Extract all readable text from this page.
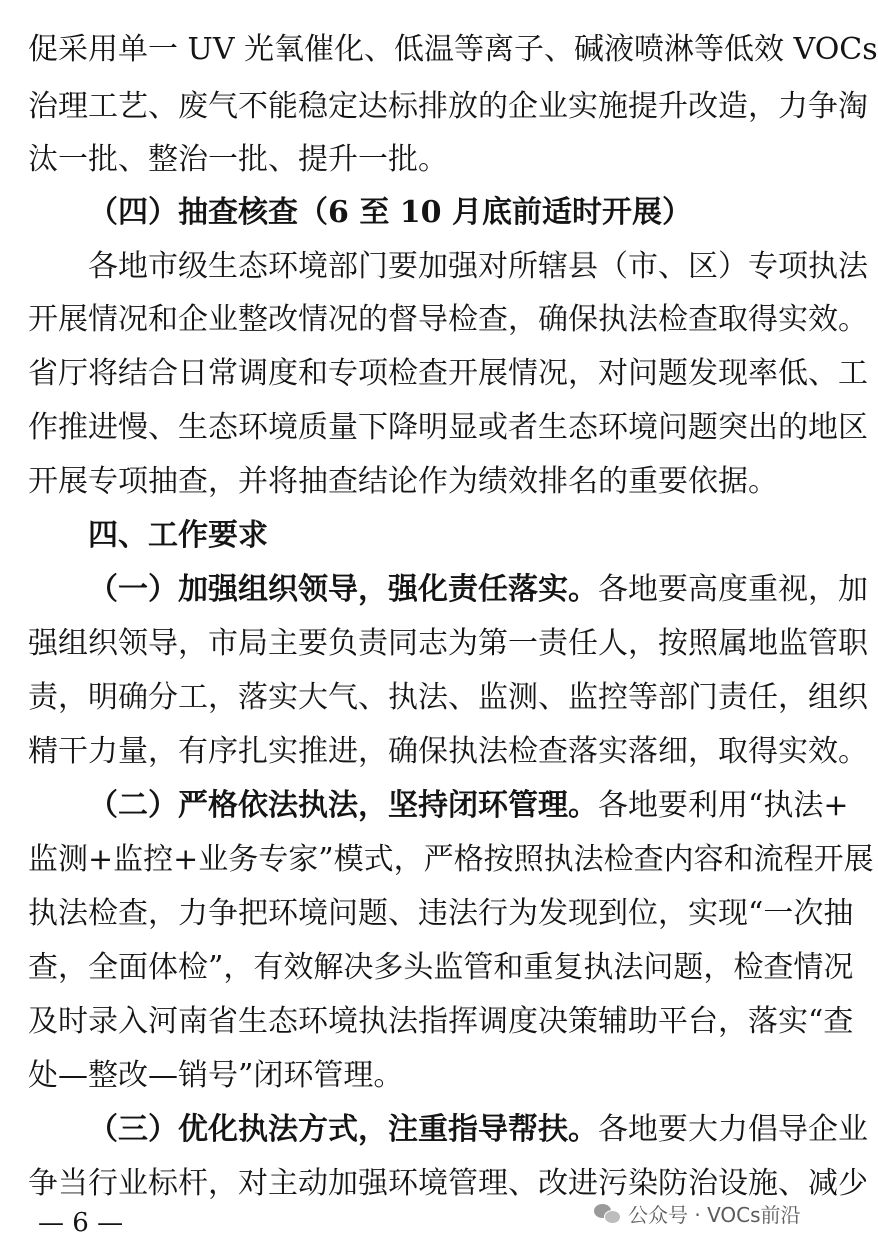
促采用单一 UV 光氧催化、低温等离子、碱液喷淋等低效 VOCs
治理工艺、废气不能稳定达标排放的企业实施提升改造，力争淘
汰一批、整治一批、提升一批。
（四）抽查核查（6 至 10 月底前适时开展）
各地市级生态环境部门要加强对所辖县（市、区）专项执法
开展情况和企业整改情况的督导检查，确保执法检查取得实效。
省厅将结合日常调度和专项检查开展情况，对问题发现率低、工
作推进慢、生态环境质量下降明显或者生态环境问题突出的地区
开展专项抽查，并将抽查结论作为绩效排名的重要依据。
四、工作要求
（一）加强组织领导，强化责任落实。 各地要高度重视，加
强组织领导，市局主要负责同志为第一责任人，按照属地监管职
责，明确分工，落实大气、执法、监测、监控等部门责任，组织
精干力量，有序扎实推进，确保执法检查落实落细，取得实效。
（二）严格依法执法，坚持闭环管理。 各地要利用“执法+
监测+监控+业务专家”模式，严格按照执法检查内容和流程开展
执法检查，力争把环境问题、违法行为发现到位，实现“一次抽
查，全面体检”，有效解决多头监管和重复执法问题，检查情况
及时录入河南省生态环境执法指挥调度决策辅助平台，落实“查
处—整改—销号”闭环管理。
（三）优化执法方式，注重指导帮扶。 各地要大力倡导企业
争当行业标杆，对主动加强环境管理、改进污染防治设施、减少
— 6 —	公众号 · VOCs前沿
